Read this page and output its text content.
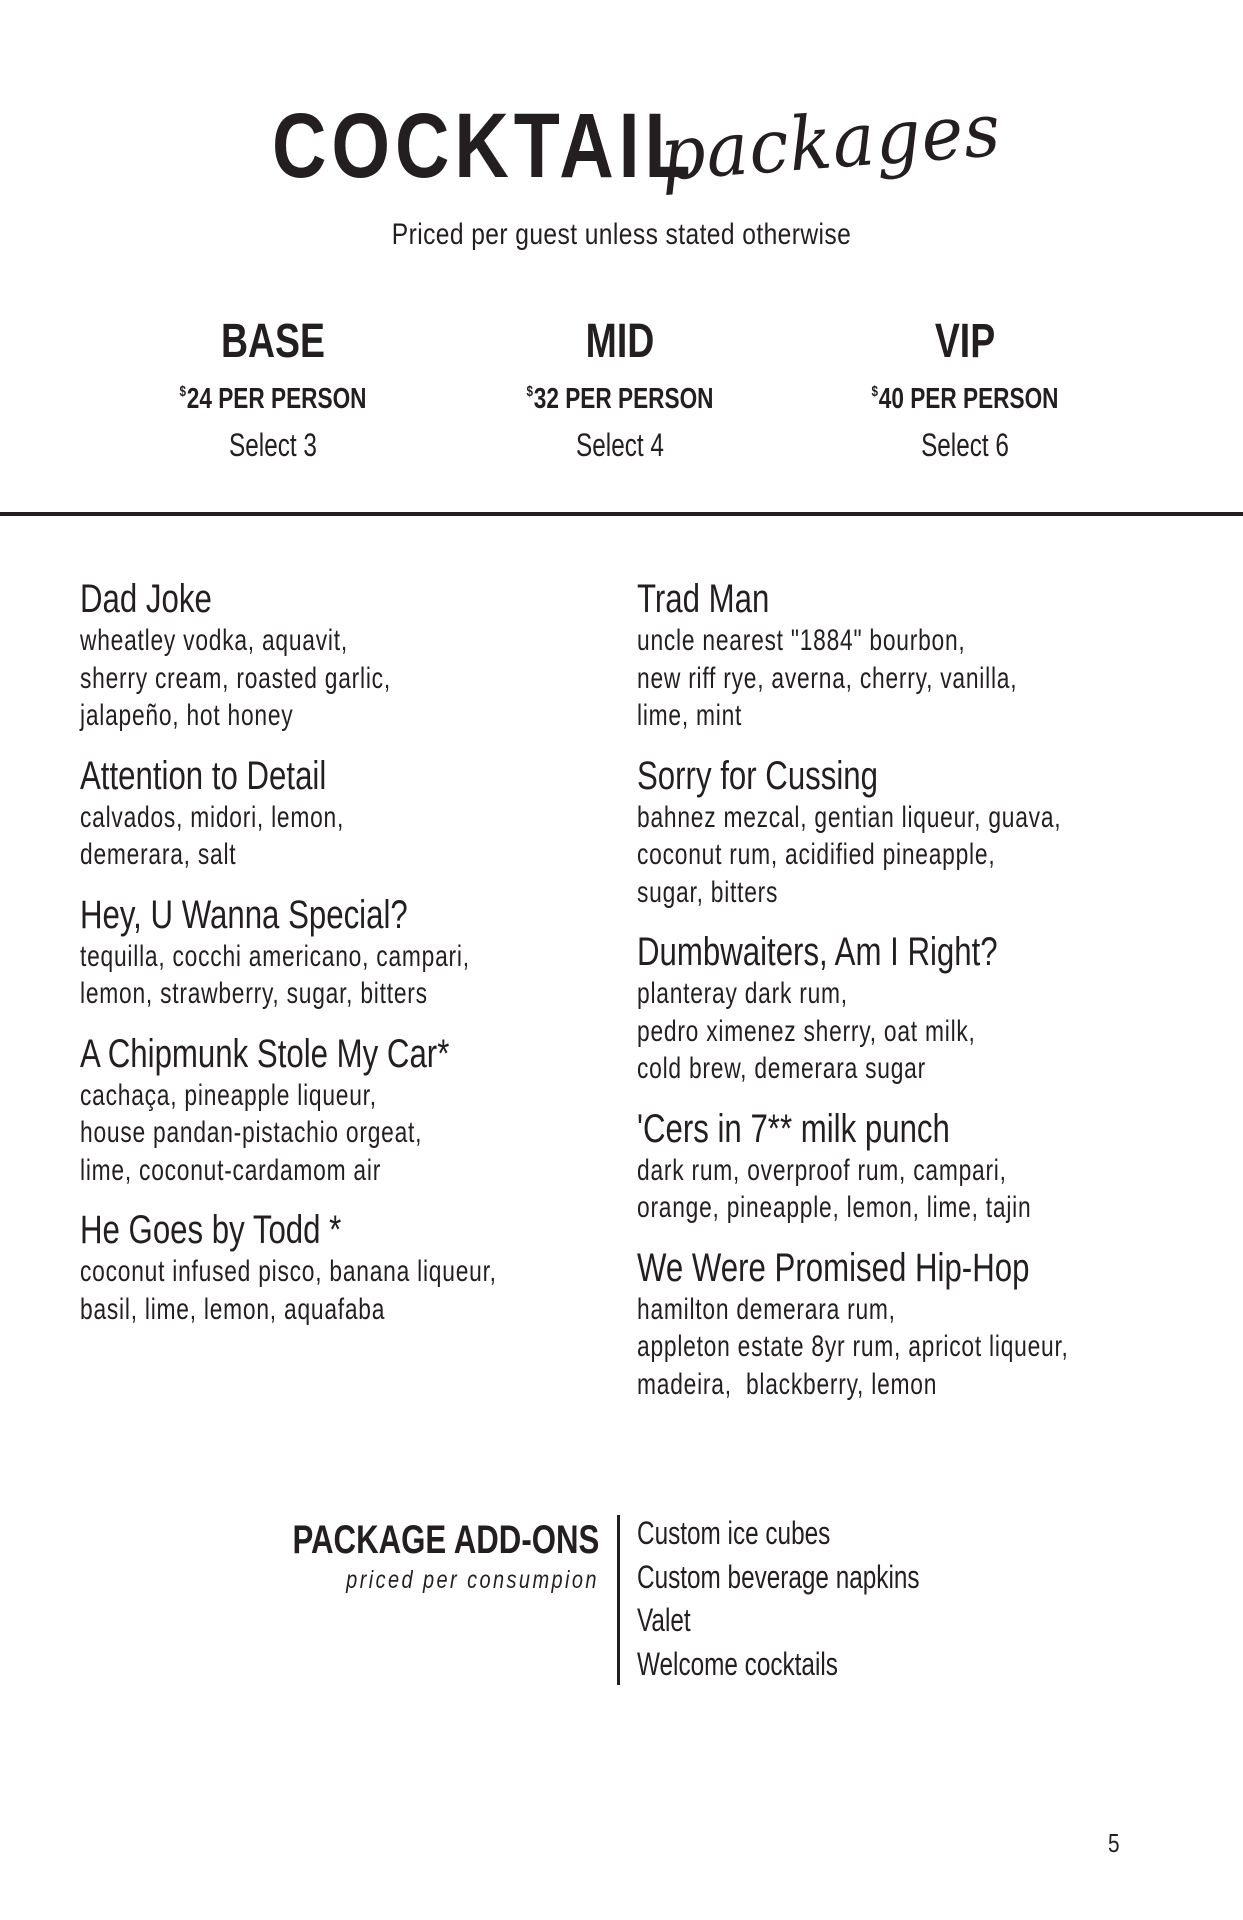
COCKTAIL
packages
Priced per guest unless stated otherwise
BASE
$24 PER PERSON
Select 3
MID
$32 PER PERSON
Select 4
VIP
$40 PER PERSON
Select 6
Dad Joke
wheatley vodka, aquavit,
sherry cream, roasted garlic,
jalapeño, hot honey
Attention to Detail
calvados, midori, lemon,
demerara, salt
Hey, U Wanna Special?
tequilla, cocchi americano, campari,
lemon, strawberry, sugar, bitters
A Chipmunk Stole My Car*
cachaça, pineapple liqueur,
house pandan-pistachio orgeat,
lime, coconut-cardamom air
He Goes by Todd *
coconut infused pisco, banana liqueur,
basil, lime, lemon, aquafaba
Trad Man
uncle nearest "1884" bourbon,
new riff rye, averna, cherry, vanilla,
lime, mint
Sorry for Cussing
bahnez mezcal, gentian liqueur, guava,
coconut rum, acidified pineapple,
sugar, bitters
Dumbwaiters, Am I Right?
planteray dark rum,
pedro ximenez sherry, oat milk,
cold brew, demerara sugar
'Cers in 7** milk punch
dark rum, overproof rum, campari,
orange, pineapple, lemon, lime, tajin
We Were Promised Hip-Hop
hamilton demerara rum,
appleton estate 8yr rum, apricot liqueur,
madeira,  blackberry, lemon
PACKAGE ADD-ONS
priced per consumpion
Custom ice cubes
Custom beverage napkins
Valet
Welcome cocktails
5
